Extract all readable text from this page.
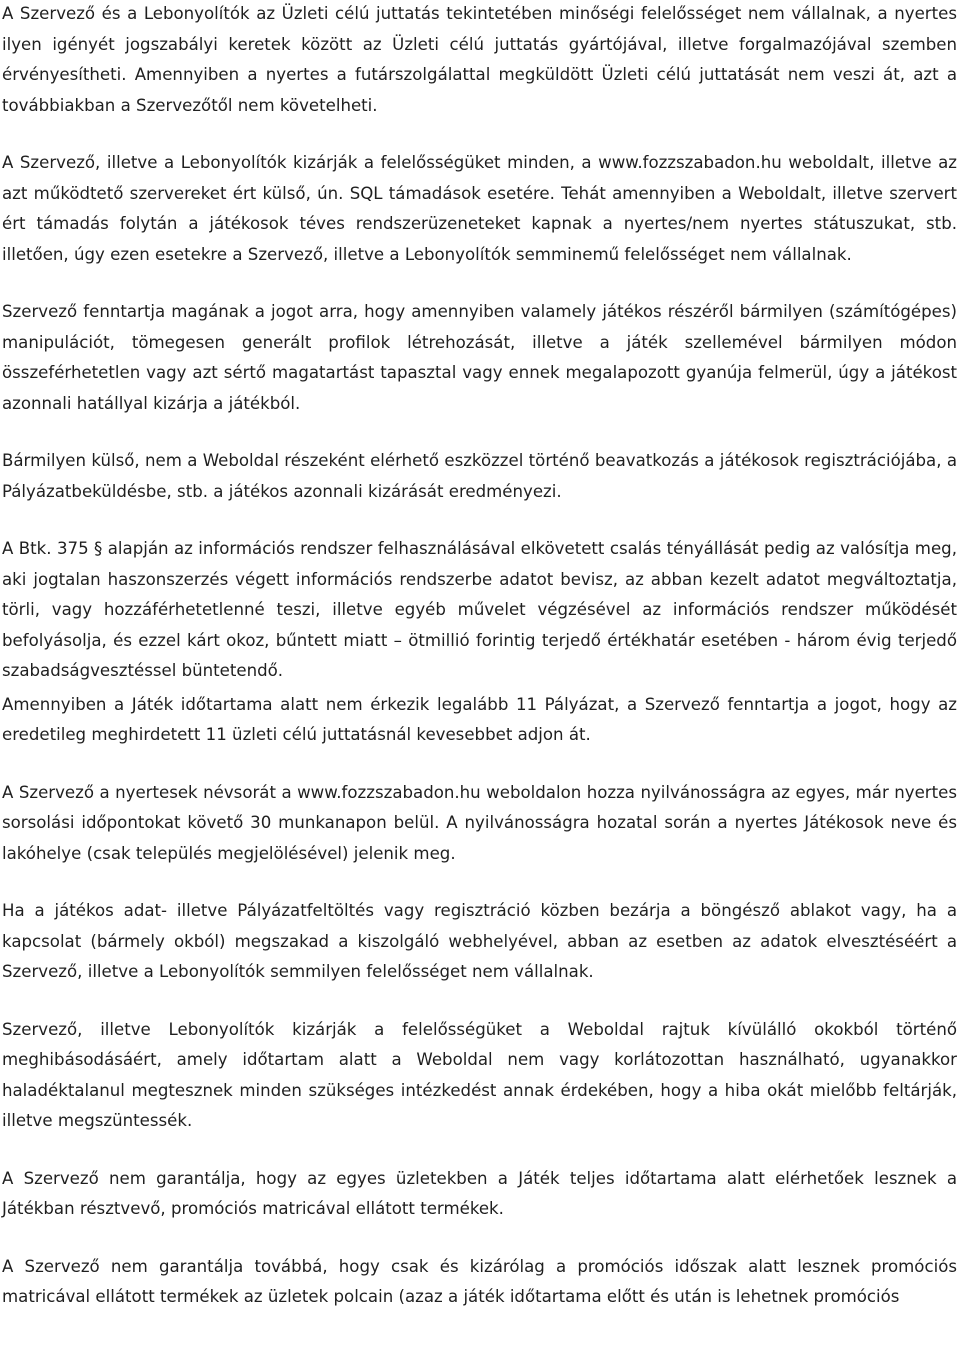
A Szervező és a Lebonyolítók az Üzleti célú juttatás tekintetében minőségi felelősséget nem vállalnak, a nyertes ilyen igényét jogszabályi keretek között az Üzleti célú juttatás gyártójával, illetve forgalmazójával szemben érvényesítheti. Amennyiben a nyertes a futárszolgálattal megküldött Üzleti célú juttatását nem veszi át, azt a továbbiakban a Szervezőtől nem követelheti.

A Szervező, illetve a Lebonyolítók kizárják a felelősségüket minden, a www.fozzszabadon.hu weboldalt, illetve az azt működtető szervereket ért külső, ún. SQL támadások esetére. Tehát amennyiben a Weboldalt, illetve szervert ért támadás folytán a játékosok téves rendszerüzeneteket kapnak a nyertes/nem nyertes státuszukat, stb. illetően, úgy ezen esetekre a Szervező, illetve a Lebonyolítók semminemű felelősséget nem vállalnak.

Szervező fenntartja magának a jogot arra, hogy amennyiben valamely játékos részéről bármilyen (számítógépes) manipulációt, tömegesen generált profilok létrehozását, illetve a játék szellemével bármilyen módon összeférhetetlen vagy azt sértő magatartást tapasztal vagy ennek megalapozott gyanúja felmerül, úgy a játékost azonnali hatállyal kizárja a játékból.

Bármilyen külső, nem a Weboldal részeként elérhető eszközzel történő beavatkozás a játékosok regisztrációjába, a Pályázatbeküldésbe, stb. a játékos azonnali kizárását eredményezi.

A Btk. 375 § alapján az információs rendszer felhasználásával elkövetett csalás tényállását pedig az valósítja meg, aki jogtalan haszonszerzés végett információs rendszerbe adatot bevisz, az abban kezelt adatot megváltoztatja, törli, vagy hozzáférhetetlenné teszi, illetve egyéb művelet végzésével az információs rendszer működését befolyásolja, és ezzel kárt okoz, bűntett miatt – ötmillió forintig terjedő értékhatár esetében - három évig terjedő szabadságvesztéssel büntetendő.

Amennyiben a Játék időtartama alatt nem érkezik legalább 11 Pályázat, a Szervező fenntartja a jogot, hogy az eredetileg meghirdetett 11 üzleti célú juttatásnál kevesebbet adjon át.

A Szervező a nyertesek névsorát a www.fozzszabadon.hu weboldalon hozza nyilvánosságra az egyes, már nyertes sorsolási időpontokat követő 30 munkanapon belül. A nyilvánosságra hozatal során a nyertes Játékosok neve és lakóhelye (csak település megjelölésével) jelenik meg.

Ha a játékos adat- illetve Pályázatfeltöltés vagy regisztráció közben bezárja a böngésző ablakot vagy, ha a kapcsolat (bármely okból) megszakad a kiszolgáló webhelyével, abban az esetben az adatok elvesztéséért a Szervező, illetve a Lebonyolítók semmilyen felelősséget nem vállalnak.

Szervező, illetve Lebonyolítók kizárják a felelősségüket a Weboldal rajtuk kívülálló okokból történő meghibásodásáért, amely időtartam alatt a Weboldal nem vagy korlátozottan használható, ugyanakkor haladéktalanul megtesznek minden szükséges intézkedést annak érdekében, hogy a hiba okát mielőbb feltárják, illetve megszüntessék.

A Szervező nem garantálja, hogy az egyes üzletekben a Játék teljes időtartama alatt elérhetőek lesznek a Játékban résztvevő, promóciós matricával ellátott termékek.

A Szervező nem garantálja továbbá, hogy csak és kizárólag a promóciós időszak alatt lesznek promóciós matricával ellátott termékek az üzletek polcain (azaz a játék időtartama előtt és után is lehetnek promóciós
